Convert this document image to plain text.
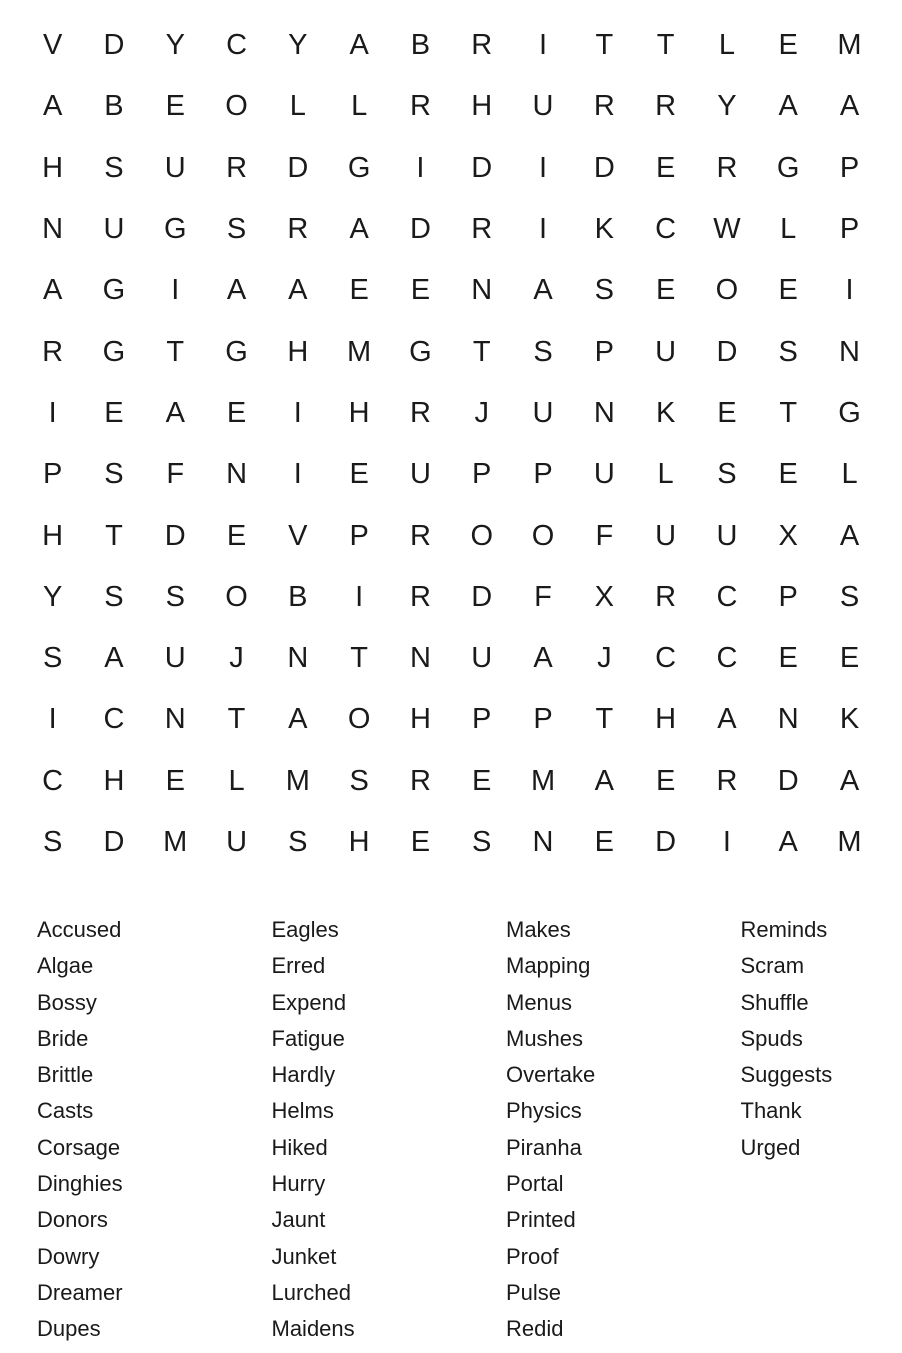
V	D	Y	C	Y	A	B	R	I	T	T	L	E	M
A	B	E	O	L	L	R	H	U	R	R	Y	A	A
H	S	U	R	D	G	I	D	I	D	E	R	G	P
N	U	G	S	R	A	D	R	I	K	C	W	L	P
A	G	I	A	A	E	E	N	A	S	E	O	E	I
R	G	T	G	H	M	G	T	S	P	U	D	S	N
I	E	A	E	I	H	R	J	U	N	K	E	T	G
P	S	F	N	I	E	U	P	P	U	L	S	E	L
H	T	D	E	V	P	R	O	O	F	U	U	X	A
Y	S	S	O	B	I	R	D	F	X	R	C	P	S
S	A	U	J	N	T	N	U	A	J	C	C	E	E
I	C	N	T	A	O	H	P	P	T	H	A	N	K
C	H	E	L	M	S	R	E	M	A	E	R	D	A
S	D	M	U	S	H	E	S	N	E	D	I	A	M
Accused
Algae
Bossy
Bride
Brittle
Casts
Corsage
Dinghies
Donors
Dowry
Dreamer
Dupes
Eagles
Erred
Expend
Fatigue
Hardly
Helms
Hiked
Hurry
Jaunt
Junket
Lurched
Maidens
Makes
Mapping
Menus
Mushes
Overtake
Physics
Piranha
Portal
Printed
Proof
Pulse
Redid
Reminds
Scram
Shuffle
Spuds
Suggests
Thank
Urged
